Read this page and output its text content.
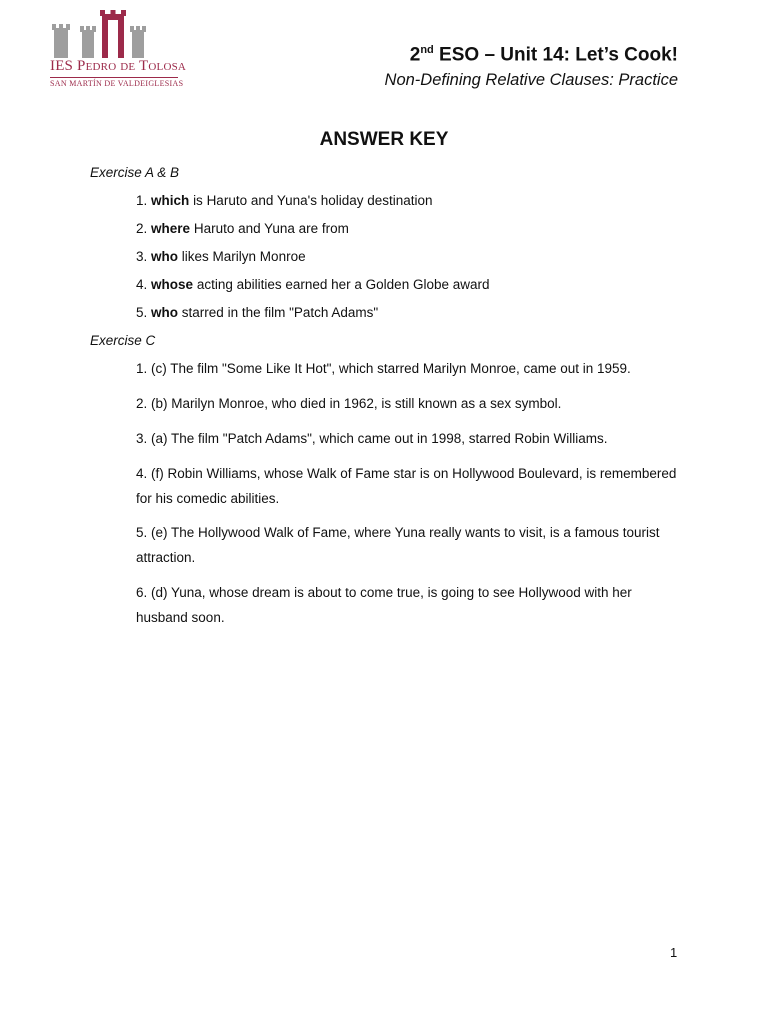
IES Pedro de Tolosa
SAN MARTÍN DE VALDEIGLESIAS
2nd ESO – Unit 14: Let’s Cook!
Non-Defining Relative Clauses: Practice
ANSWER KEY
Exercise A & B
1. which is Haruto and Yuna's holiday destination
2. where Haruto and Yuna are from
3. who likes Marilyn Monroe
4. whose acting abilities earned her a Golden Globe award
5. who starred in the film "Patch Adams"
Exercise C
1. (c) The film "Some Like It Hot", which starred Marilyn Monroe, came out in 1959.
2. (b) Marilyn Monroe, who died in 1962, is still known as a sex symbol.
3. (a) The film "Patch Adams", which came out in 1998, starred Robin Williams.
4. (f) Robin Williams, whose Walk of Fame star is on Hollywood Boulevard, is remembered for his comedic abilities.
5. (e) The Hollywood Walk of Fame, where Yuna really wants to visit, is a famous tourist attraction.
6. (d) Yuna, whose dream is about to come true, is going to see Hollywood with her husband soon.
1
